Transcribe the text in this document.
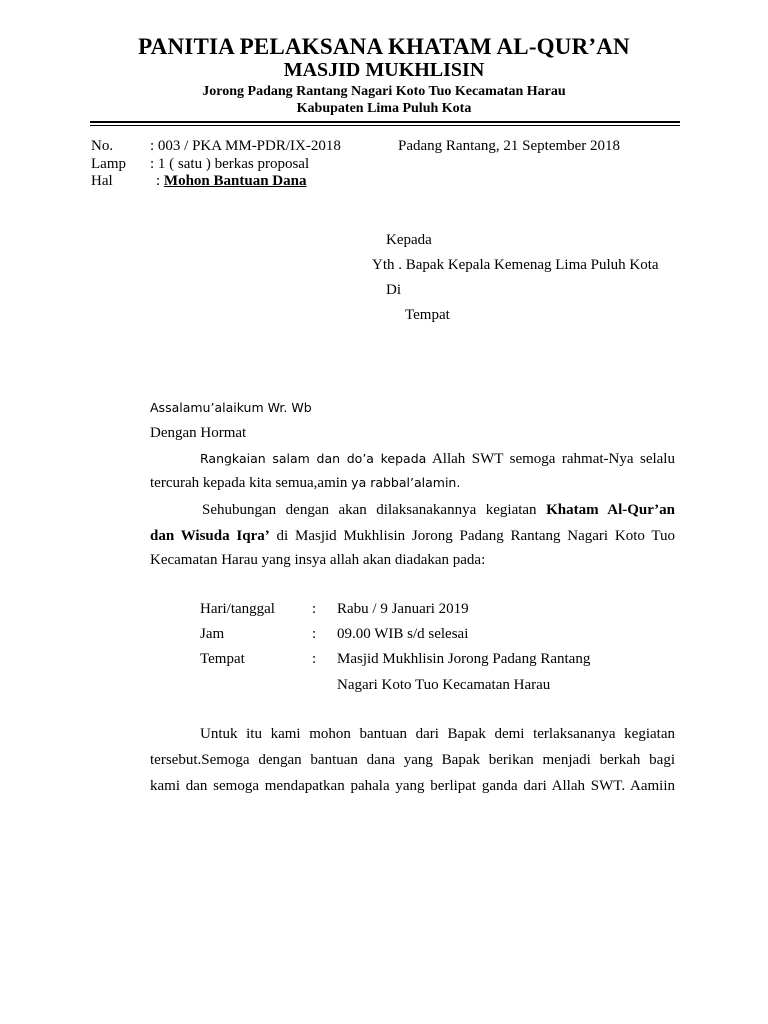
PANITIA PELAKSANA KHATAM AL-QUR’AN
MASJID MUKHLISIN
Jorong Padang Rantang Nagari Koto Tuo Kecamatan Harau
Kabupaten Lima Puluh Kota
No. : 003 / PKA MM-PDR/IX-2018	Padang Rantang, 21 September 2018
Lamp : 1 ( satu ) berkas proposal
Hal	: Mohon Bantuan Dana
Kepada
Yth . Bapak Kepala Kemenag Lima Puluh Kota
Di
Tempat
Assalamu’alaikum Wr. Wb
Dengan Hormat
Rangkaian salam dan do’a kepada Allah SWT semoga rahmat-Nya selalu
tercurah kepada kita semua,amin ya rabbal’alamin.
Sehubungan dengan akan dilaksanakannya kegiatan Khatam Al-Qur’an
dan Wisuda Iqra’ di Masjid Mukhlisin Jorong Padang Rantang Nagari Koto Tuo
Kecamatan Harau yang insya allah akan diadakan pada:
Hari/tanggal : Rabu / 9 Januari 2019
Jam	: 09.00 WIB s/d selesai
Tempat	: Masjid Mukhlisin Jorong Padang Rantang
Nagari Koto Tuo Kecamatan Harau
Untuk itu kami mohon bantuan dari Bapak demi terlaksananya kegiatan
tersebut.Semoga dengan bantuan dana yang Bapak berikan menjadi berkah bagi
kami dan semoga mendapatkan pahala yang berlipat ganda dari Allah SWT. Aamiin
